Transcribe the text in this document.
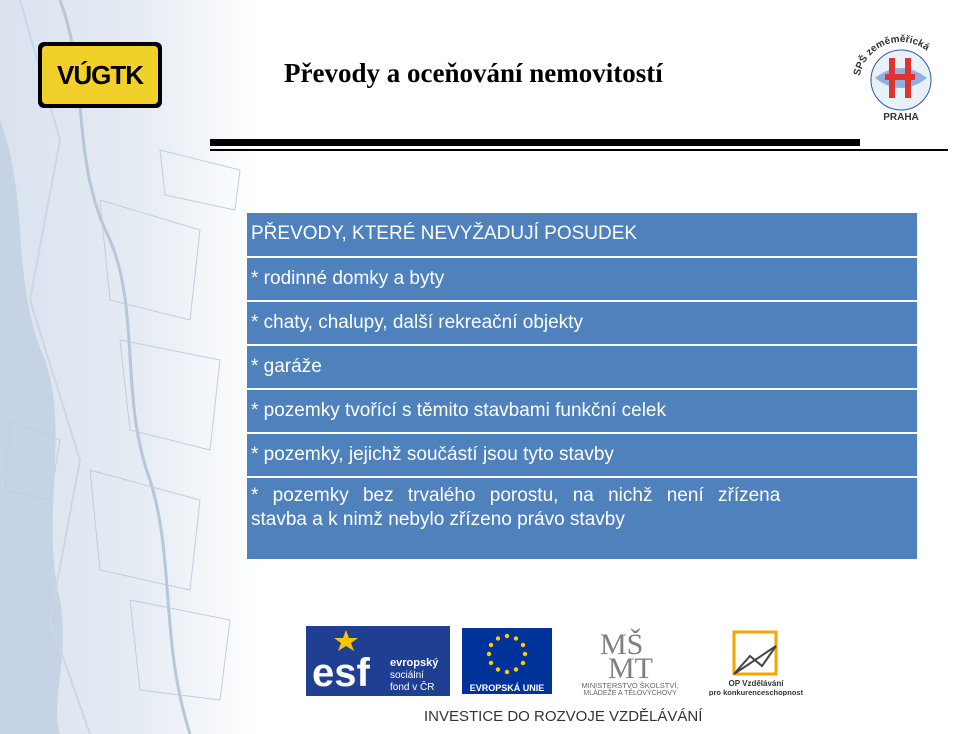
VÚGTK	Převody a oceňování nemovitostí	SPŠ zeměměřická
PRAHA
PŘEVODY, KTERÉ NEVYŽADUJÍ POSUDEK
* rodinné domky a byty
* chaty, chalupy, další rekreační objekty
* garáže
* pozemky tvořící s těmito stavbami funkční celek
* pozemky, jejichž součástí jsou tyto stavby
* pozemky bez trvalého porostu, na nichž není zřízena
stavba a k nimž nebylo zřízeno právo stavby
esf evropský
sociální
fond v ČR	EVROPSKÁ UNIE
MŠ
MT
MINISTERSTVO ŠKOLSTVÍ,
MLÁDEŽE A TĚLOVÝCHOVY
OP Vzdělávání
pro konkurenceschopnost
INVESTICE DO ROZVOJE VZDĚLÁVÁNÍ
